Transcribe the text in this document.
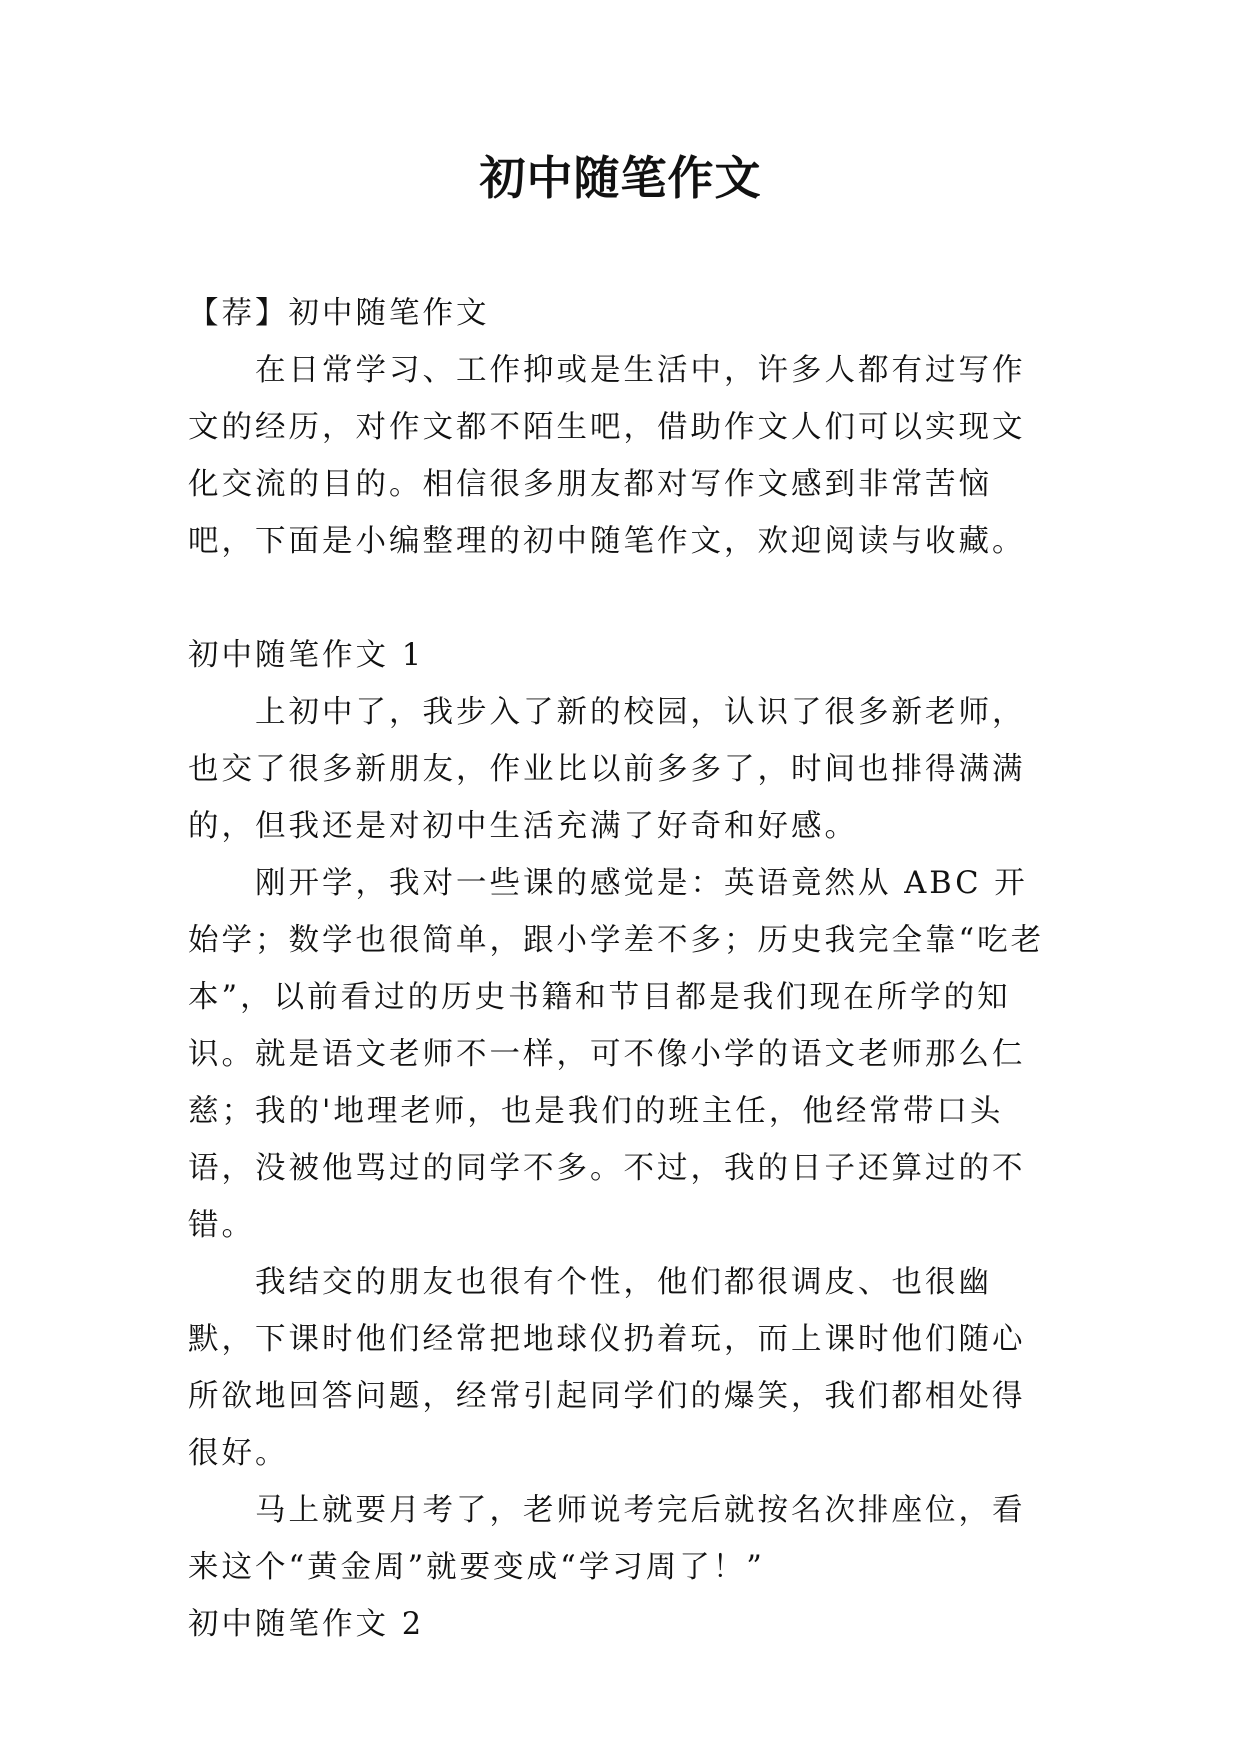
初中随笔作文

【荐】初中随笔作文

在日常学习、工作抑或是生活中，许多人都有过写作文的经历，对作文都不陌生吧，借助作文人们可以实现文化交流的目的。相信很多朋友都对写作文感到非常苦恼吧，下面是小编整理的初中随笔作文，欢迎阅读与收藏。

初中随笔作文 1

上初中了，我步入了新的校园，认识了很多新老师，也交了很多新朋友，作业比以前多多了，时间也排得满满的，但我还是对初中生活充满了好奇和好感。

刚开学，我对一些课的感觉是：英语竟然从 ABC 开始学；数学也很简单，跟小学差不多；历史我完全靠“吃老本”，以前看过的历史书籍和节目都是我们现在所学的知识。就是语文老师不一样，可不像小学的语文老师那么仁慈；我的'地理老师，也是我们的班主任，他经常带口头语，没被他骂过的同学不多。不过，我的日子还算过的不错。

我结交的朋友也很有个性，他们都很调皮、也很幽默，下课时他们经常把地球仪扔着玩，而上课时他们随心所欲地回答问题，经常引起同学们的爆笑，我们都相处得很好。

马上就要月考了，老师说考完后就按名次排座位，看来这个“黄金周”就要变成“学习周了！”

初中随笔作文 2
